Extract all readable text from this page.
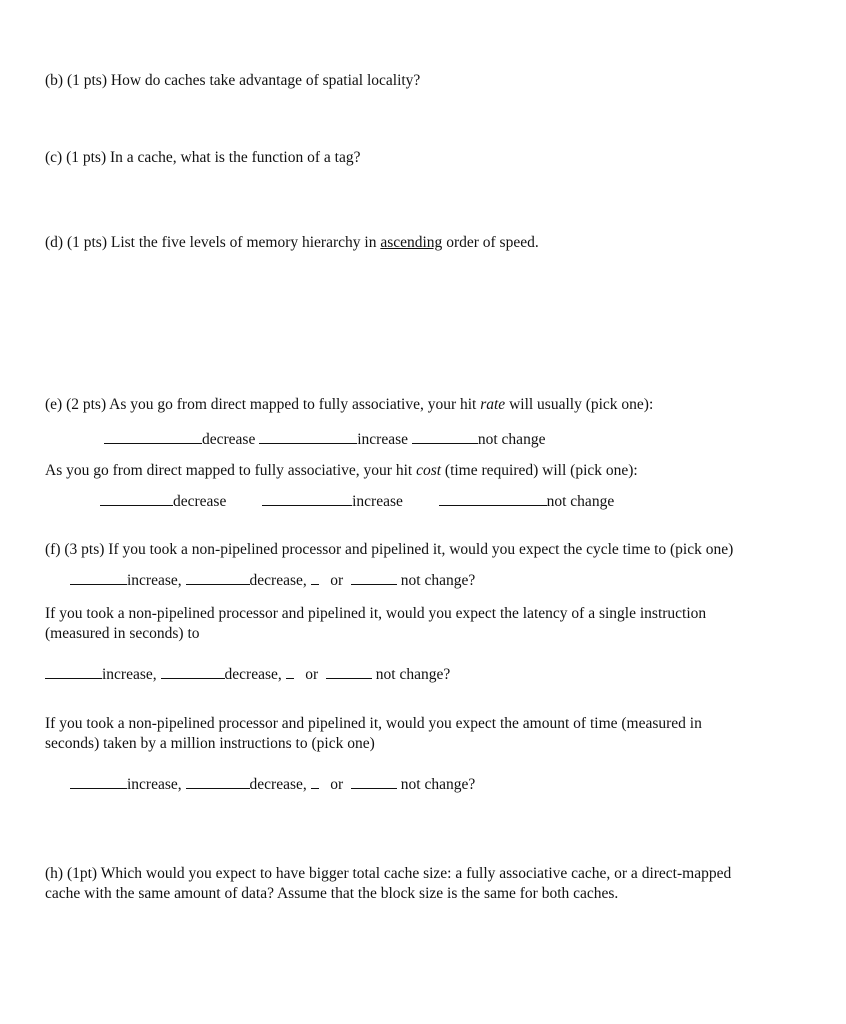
(b) (1 pts) How do caches take advantage of spatial locality?
(c) (1 pts) In a cache, what is the function of a tag?
(d) (1 pts) List the five levels of memory hierarchy in ascending order of speed.
(e) (2 pts) As you go from direct mapped to fully associative, your hit rate will usually (pick one):
decrease	increase	not change
As you go from direct mapped to fully associative, your hit cost (time required) will (pick one):
decrease	increase	not change
(f) (3 pts) If you took a non-pipelined processor and pipelined it, would you expect the cycle time to (pick one)
increase,	decrease, or	not change?
If you took a non-pipelined processor and pipelined it, would you expect the latency of a single instruction
(measured in seconds) to
increase,	decrease, or	not change?
If you took a non-pipelined processor and pipelined it, would you expect the amount of time (measured in
seconds) taken by a million instructions to (pick one)
increase,	decrease, or	not change?
(h) (1pt) Which would you expect to have bigger total cache size: a fully associative cache, or a direct-mapped
cache with the same amount of data? Assume that the block size is the same for both caches.
